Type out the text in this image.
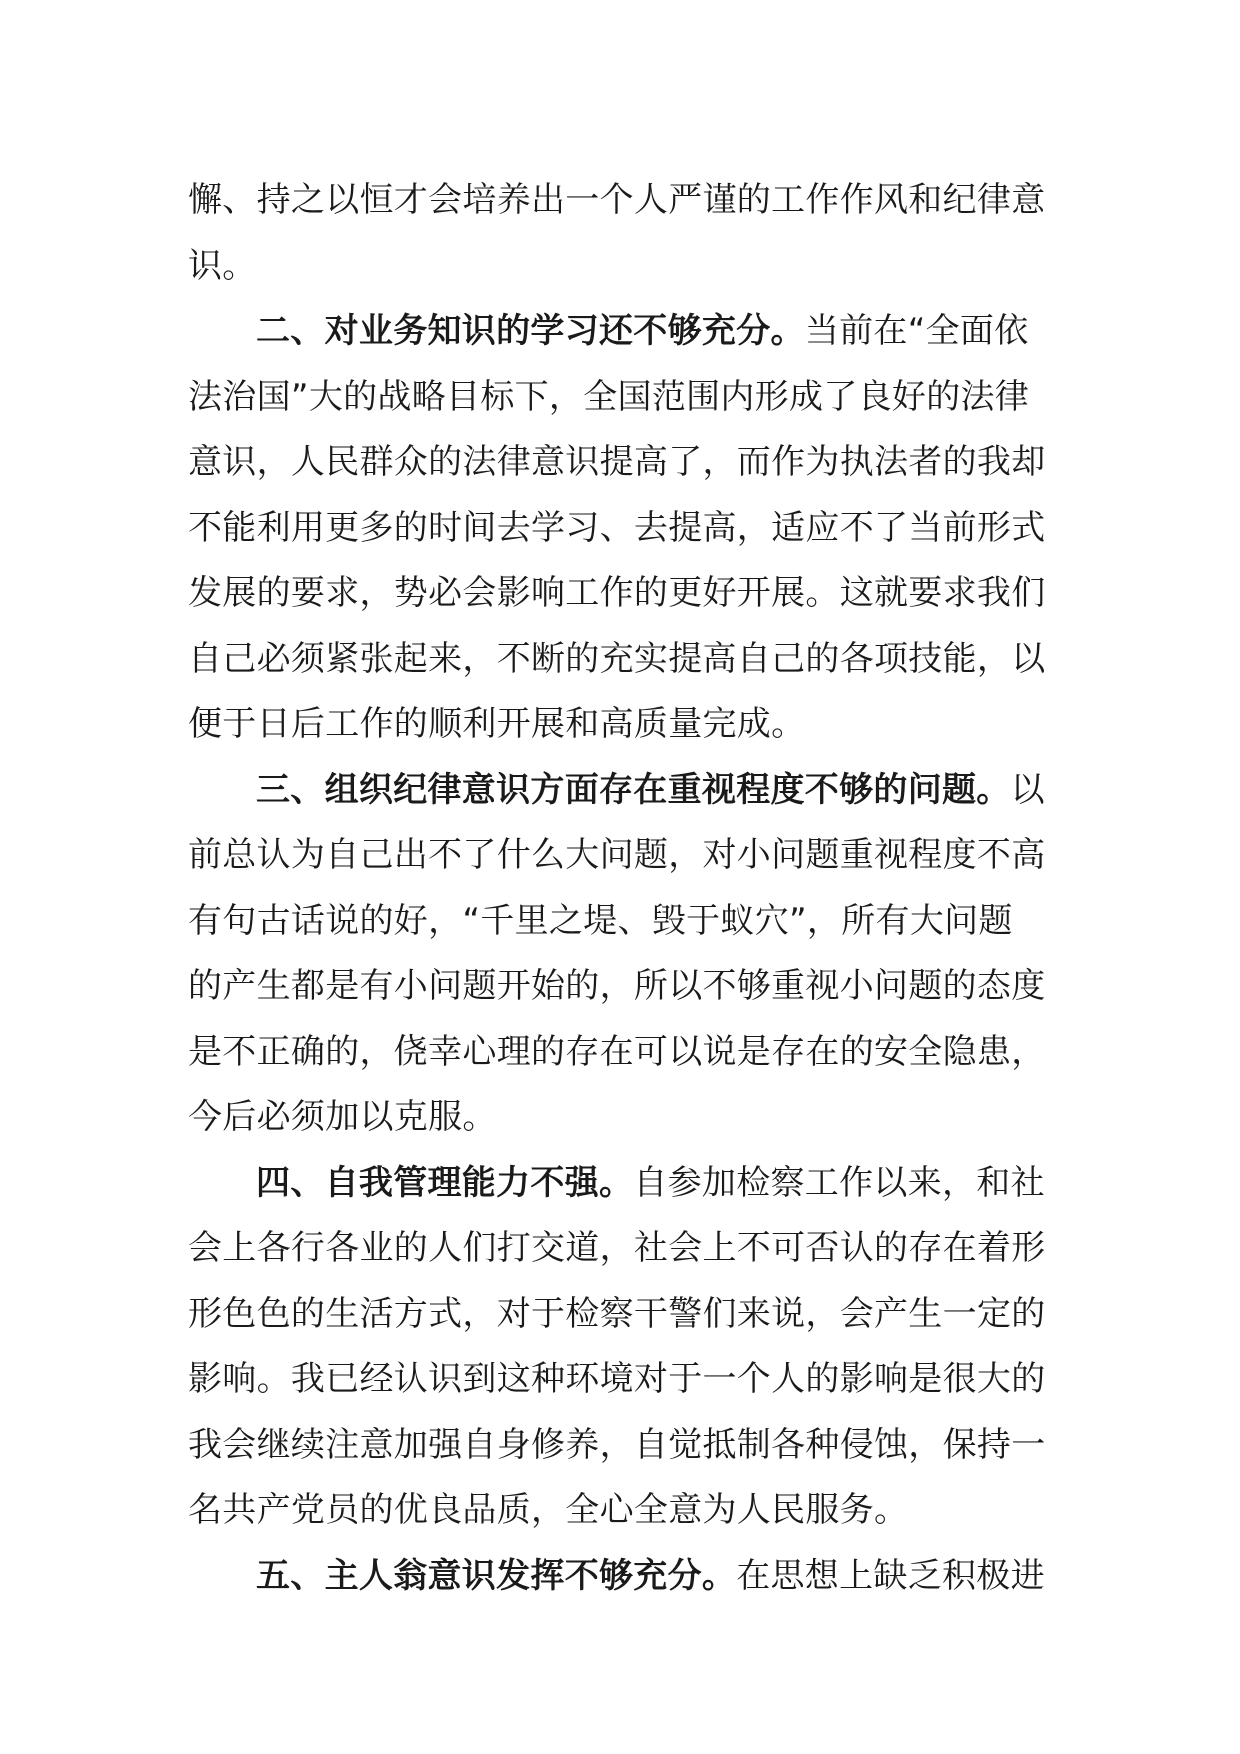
懈、持之以恒才会培养出一个人严谨的工作作风和纪律意
识。
二、对业务知识的学习还不够充分。当前在“全面依
法治国”大的战略目标下，全国范围内形成了良好的法律
意识，人民群众的法律意识提高了，而作为执法者的我却
不能利用更多的时间去学习、去提高，适应不了当前形式
发展的要求，势必会影响工作的更好开展。这就要求我们
自己必须紧张起来，不断的充实提高自己的各项技能，以
便于日后工作的顺利开展和高质量完成。
三、组织纪律意识方面存在重视程度不够的问题。以
前总认为自己出不了什么大问题，对小问题重视程度不高
有句古话说的好，“千里之堤、毁于蚁穴”，所有大问题
的产生都是有小问题开始的，所以不够重视小问题的态度
是不正确的，侥幸心理的存在可以说是存在的安全隐患，
今后必须加以克服。
四、自我管理能力不强。自参加检察工作以来，和社
会上各行各业的人们打交道，社会上不可否认的存在着形
形色色的生活方式，对于检察干警们来说，会产生一定的
影响。我已经认识到这种环境对于一个人的影响是很大的
我会继续注意加强自身修养，自觉抵制各种侵蚀，保持一
名共产党员的优良品质，全心全意为人民服务。
五、主人翁意识发挥不够充分。在思想上缺乏积极进
